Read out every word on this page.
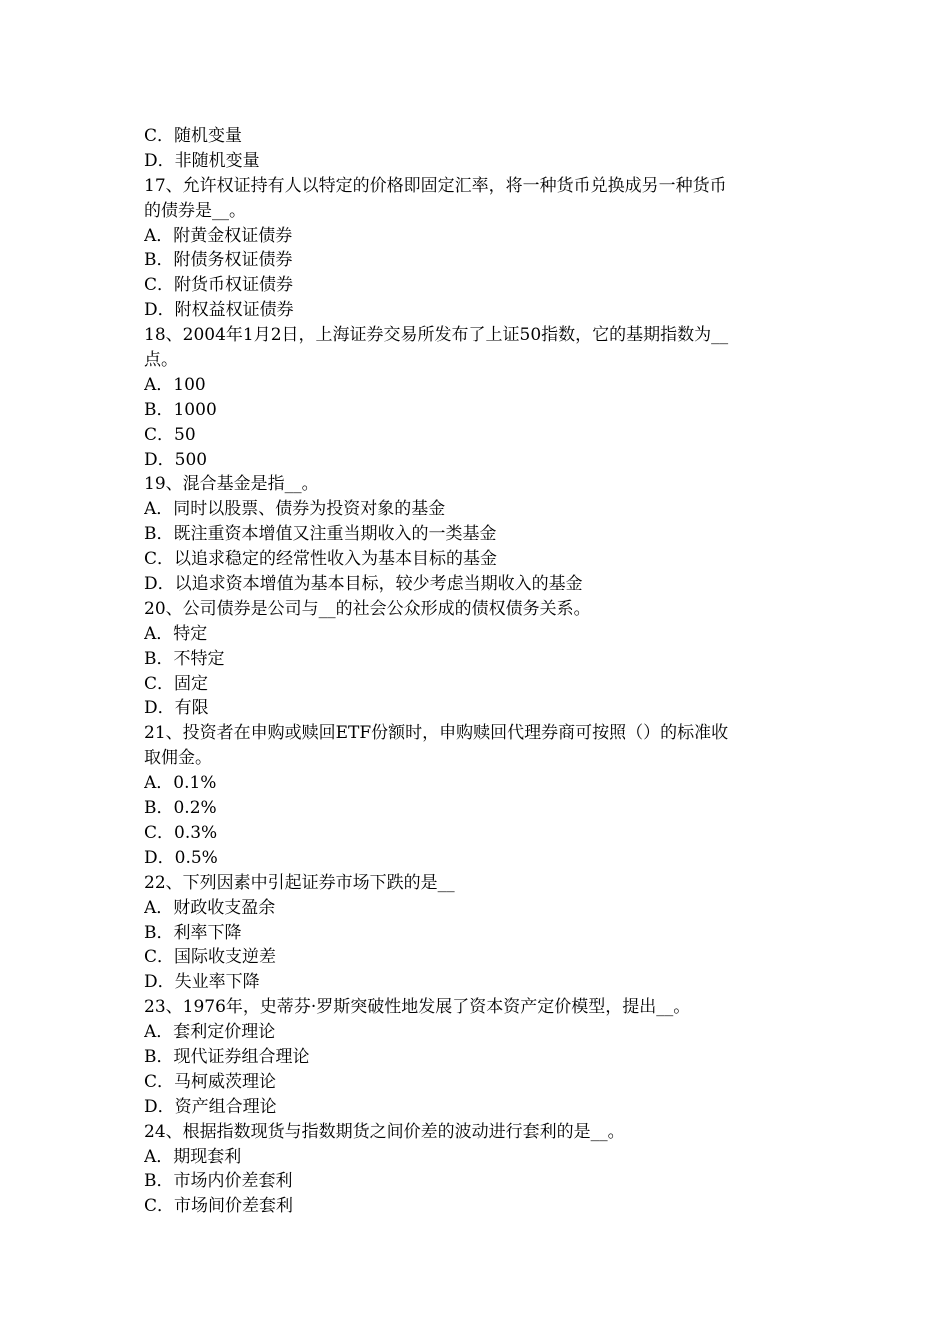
C．随机变量
D．非随机变量
17、允许权证持有人以特定的价格即固定汇率，将一种货币兑换成另一种货币
的债券是__。
A．附黄金权证债券
B．附债务权证债券
C．附货币权证债券
D．附权益权证债券
18、2004年1月2日，上海证券交易所发布了上证50指数，它的基期指数为__
点。
A．100
B．1000
C．50
D．500
19、混合基金是指__。
A．同时以股票、债券为投资对象的基金
B．既注重资本增值又注重当期收入的一类基金
C．以追求稳定的经常性收入为基本目标的基金
D．以追求资本增值为基本目标，较少考虑当期收入的基金
20、公司债券是公司与__的社会公众形成的债权债务关系。
A．特定
B．不特定
C．固定
D．有限
21、投资者在申购或赎回ETF份额时，申购赎回代理券商可按照（）的标准收
取佣金。
A．0.1%
B．0.2%
C．0.3%
D．0.5%
22、下列因素中引起证券市场下跌的是__
A．财政收支盈余
B．利率下降
C．国际收支逆差
D．失业率下降
23、1976年，史蒂芬·罗斯突破性地发展了资本资产定价模型，提出__。
A．套利定价理论
B．现代证券组合理论
C．马柯威茨理论
D．资产组合理论
24、根据指数现货与指数期货之间价差的波动进行套利的是__。
A．期现套利
B．市场内价差套利
C．市场间价差套利
